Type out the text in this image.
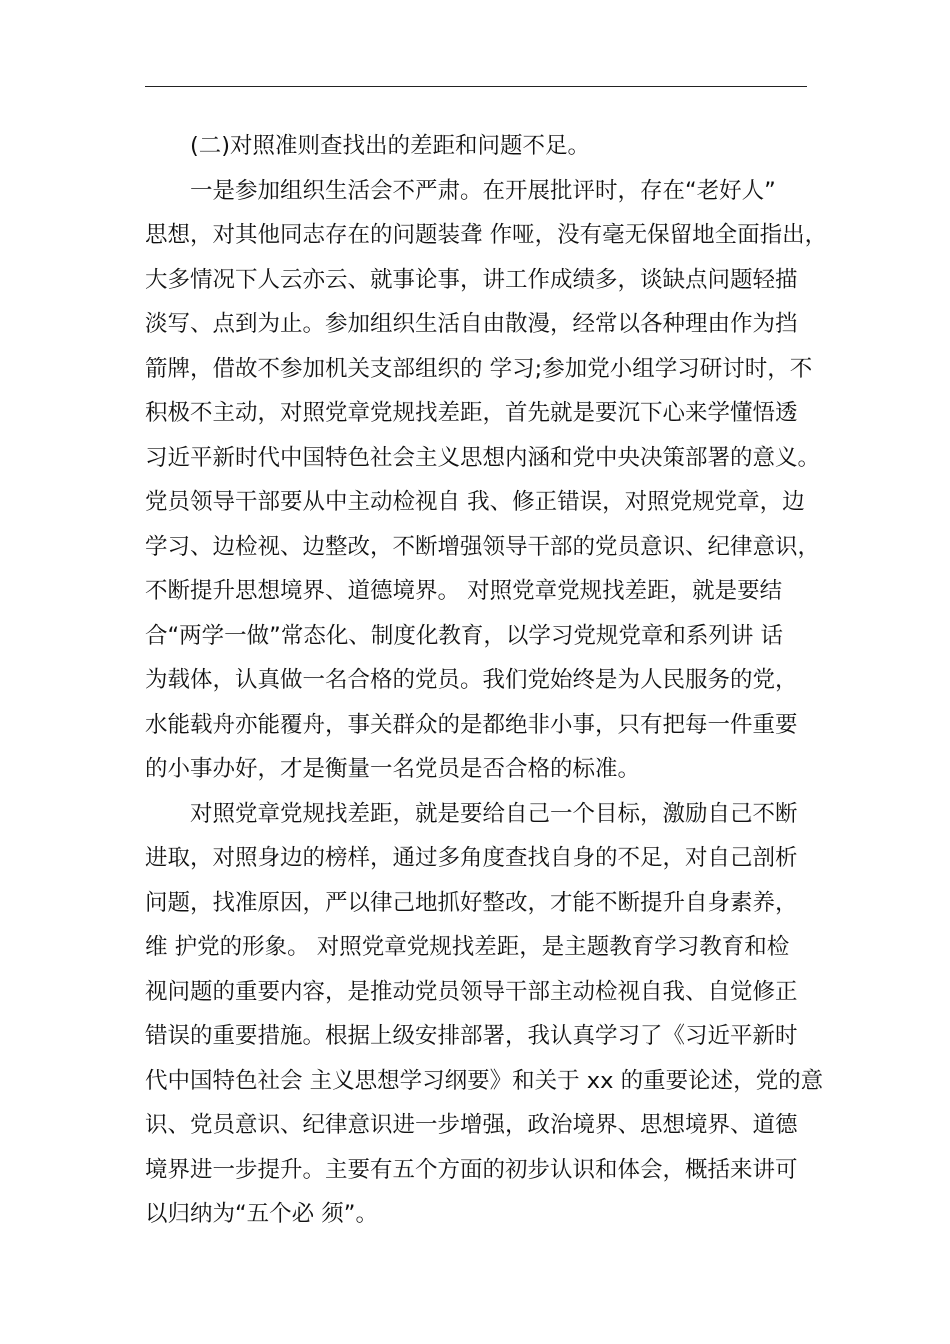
(二)对照准则查找出的差距和问题不足。
一是参加组织生活会不严肃。在开展批评时，存在“老好人”
思想，对其他同志存在的问题装聋 作哑，没有毫无保留地全面指出，
大多情况下人云亦云、就事论事，讲工作成绩多，谈缺点问题轻描
淡写、点到为止。参加组织生活自由散漫，经常以各种理由作为挡
箭牌，借故不参加机关支部组织的 学习;参加党小组学习研讨时，不
积极不主动，对照党章党规找差距，首先就是要沉下心来学懂悟透
习近平新时代中国特色社会主义思想内涵和党中央决策部署的意义。
党员领导干部要从中主动检视自 我、修正错误，对照党规党章，边
学习、边检视、边整改，不断增强领导干部的党员意识、纪律意识，
不断提升思想境界、道德境界。 对照党章党规找差距，就是要结
合“两学一做”常态化、制度化教育，以学习党规党章和系列讲 话
为载体，认真做一名合格的党员。我们党始终是为人民服务的党，
水能载舟亦能覆舟，事关群众的是都绝非小事，只有把每一件重要
的小事办好，才是衡量一名党员是否合格的标准。
对照党章党规找差距，就是要给自己一个目标，激励自己不断
进取，对照身边的榜样，通过多角度查找自身的不足，对自己剖析
问题，找准原因，严以律己地抓好整改，才能不断提升自身素养，
维 护党的形象。 对照党章党规找差距，是主题教育学习教育和检
视问题的重要内容，是推动党员领导干部主动检视自我、自觉修正
错误的重要措施。根据上级安排部署，我认真学习了《习近平新时
代中国特色社会 主义思想学习纲要》和关于 xx 的重要论述，党的意
识、党员意识、纪律意识进一步增强，政治境界、思想境界、道德
境界进一步提升。主要有五个方面的初步认识和体会，概括来讲可
以归纳为“五个必 须”。
